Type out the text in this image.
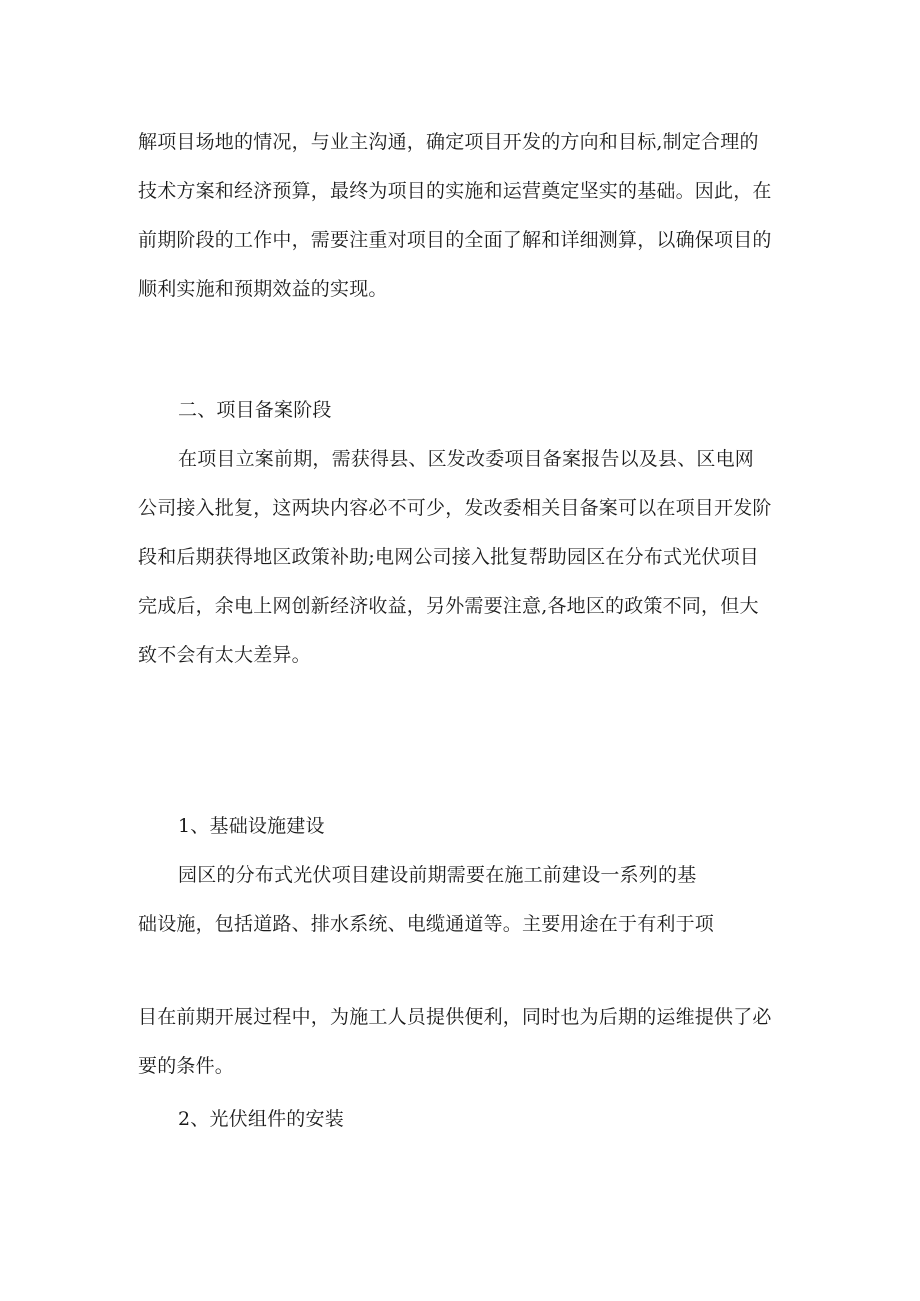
解项目场地的情况，与业主沟通，确定项目开发的方向和目标,制定合理的
技术方案和经济预算，最终为项目的实施和运营奠定坚实的基础。因此，在
前期阶段的工作中，需要注重对项目的全面了解和详细测算，以确保项目的
顺利实施和预期效益的实现。
二、项目备案阶段
在项目立案前期，需获得县、区发改委项目备案报告以及县、区电网
公司接入批复，这两块内容必不可少，发改委相关目备案可以在项目开发阶
段和后期获得地区政策补助;电网公司接入批复帮助园区在分布式光伏项目
完成后，余电上网创新经济收益，另外需要注意,各地区的政策不同，但大
致不会有太大差异。
1、基础设施建设
园区的分布式光伏项目建设前期需要在施工前建设一系列的基
础设施，包括道路、排水系统、电缆通道等。主要用途在于有利于项
目在前期开展过程中，为施工人员提供便利，同时也为后期的运维提供了必
要的条件。
2、光伏组件的安装
